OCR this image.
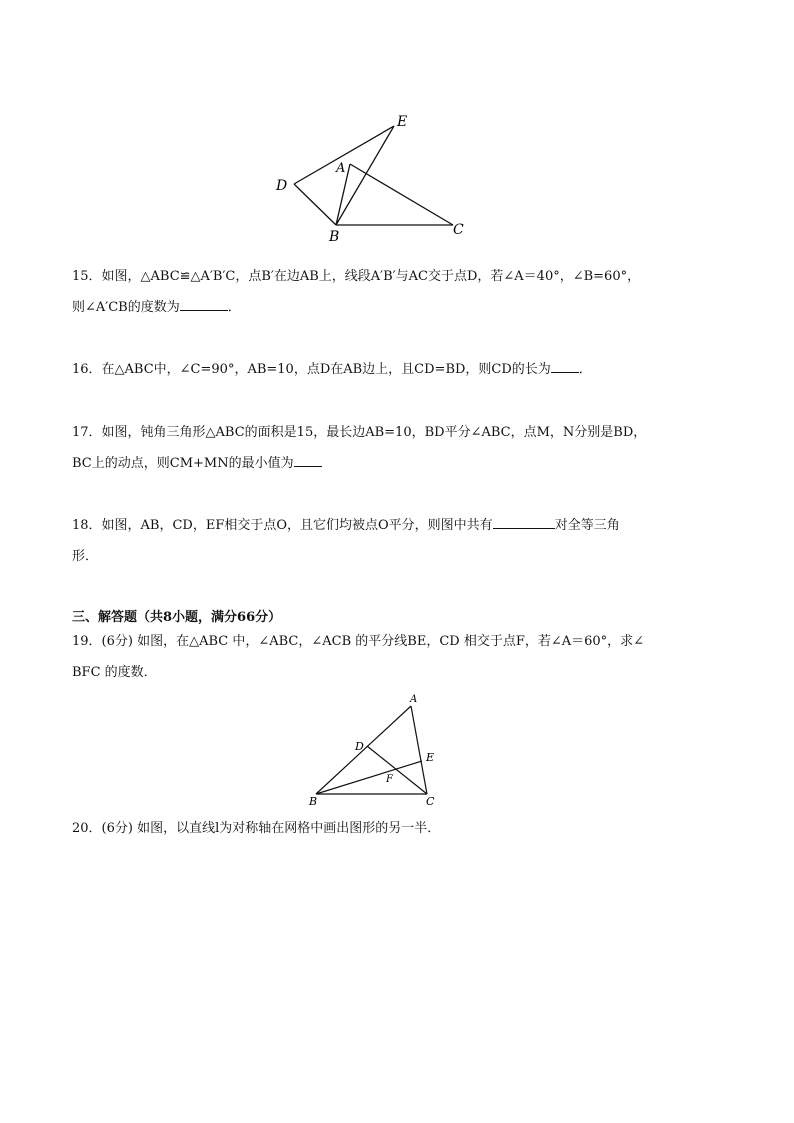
E
A
D
B	C
15．如图，△ABC≌△A′B′C，点B′在边AB上，线段A′B′与AC交于点D，若∠A＝40°，∠B=60°，
则∠A′CB的度数为	．
16．在△ABC中，∠C=90°，AB=10，点D在AB边上，且CD=BD，则CD的长为 ．
17．如图，钝角三角形△ABC的面积是15，最长边AB=10，BD平分∠ABC，点M，N分别是BD，
BC上的动点，则CM+MN的最小值为
18．如图，AB，CD，EF相交于点O，且它们均被点O平分，则图中共有	对全等三角
形．
三、解答题（共8小题，满分66分）
19．(6分) 如图，在△ABC 中，∠ABC，∠ACB 的平分线BE，CD 相交于点F，若∠A＝60°，求∠
BFC 的度数．
A
D
E
F
B	C
20．(6分) 如图，以直线l为对称轴在网格中画出图形的另一半．
